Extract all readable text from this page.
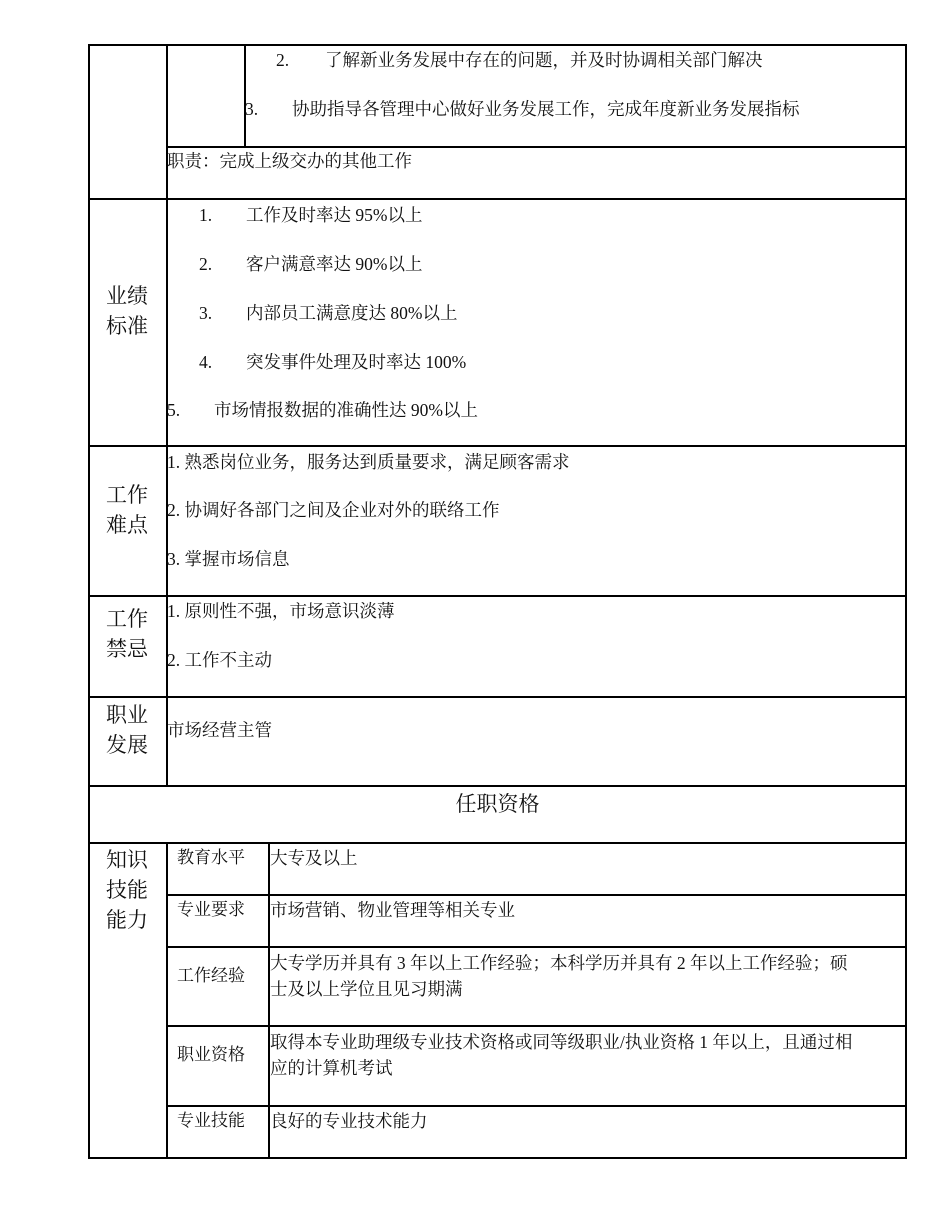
2. 了解新业务发展中存在的问题，并及时协调相关部门解决
3. 协助指导各管理中心做好业务发展工作，完成年度新业务发展指标
职责：完成上级交办的其他工作
业绩
标准
1. 工作及时率达 95%以上
2. 客户满意率达 90%以上
3. 内部员工满意度达 80%以上
4. 突发事件处理及时率达 100%
5. 市场情报数据的准确性达 90%以上
工作
难点
1. 熟悉岗位业务，服务达到质量要求，满足顾客需求
2. 协调好各部门之间及企业对外的联络工作
3. 掌握市场信息
工作
禁忌
1. 原则性不强，市场意识淡薄
2. 工作不主动
职业
发展
市场经营主管
任职资格
知识
技能
能力
教育水平 大专及以上
专业要求 市场营销、物业管理等相关专业
工作经验
大专学历并具有 3 年以上工作经验；本科学历并具有 2 年以上工作经验；硕
士及以上学位且见习期满
职业资格
取得本专业助理级专业技术资格或同等级职业/执业资格 1 年以上，且通过相
应的计算机考试
专业技能 良好的专业技术能力
